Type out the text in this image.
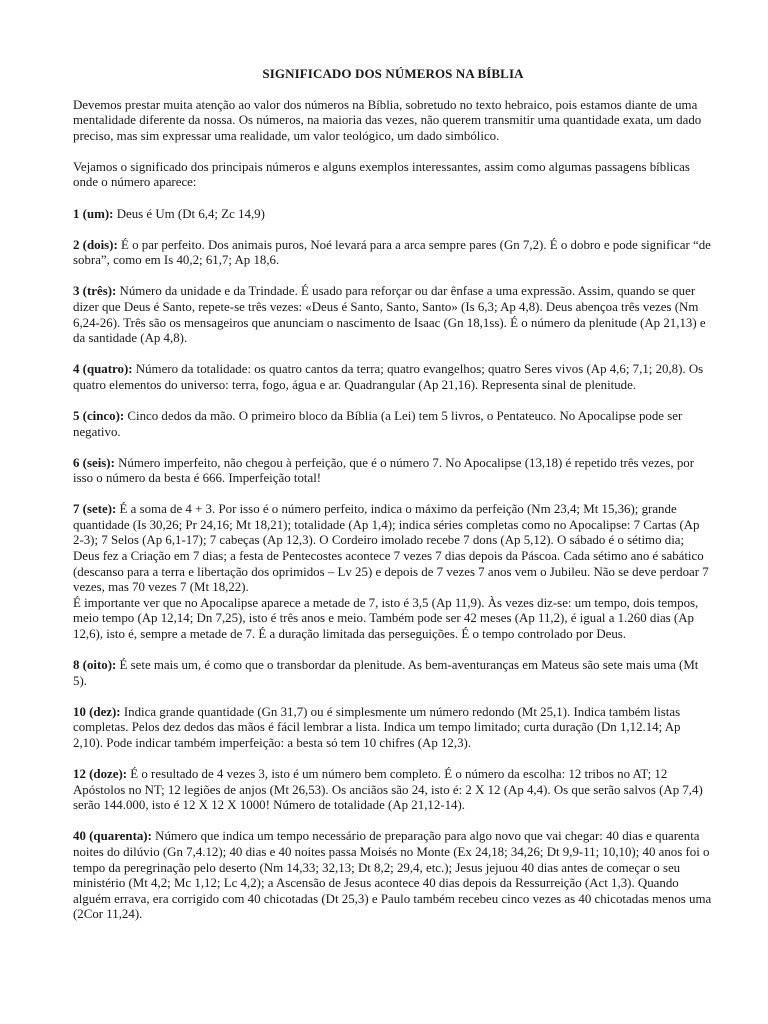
SIGNIFICADO DOS NÚMEROS NA BÍBLIA

Devemos prestar muita atenção ao valor dos números na Bíblia, sobretudo no texto hebraico, pois estamos diante de uma mentalidade diferente da nossa. Os números, na maioria das vezes, não querem transmitir uma quantidade exata, um dado preciso, mas sim expressar uma realidade, um valor teológico, um dado simbólico.

Vejamos o significado dos principais números e alguns exemplos interessantes, assim como algumas passagens bíblicas onde o número aparece:

1 (um): Deus é Um (Dt 6,4; Zc 14,9)

2 (dois): É o par perfeito. Dos animais puros, Noé levará para a arca sempre pares (Gn 7,2). É o dobro e pode significar “de sobra”, como em Is 40,2; 61,7; Ap 18,6.

3 (três): Número da unidade e da Trindade. É usado para reforçar ou dar ênfase a uma expressão. Assim, quando se quer dizer que Deus é Santo, repete-se três vezes: «Deus é Santo, Santo, Santo» (Is 6,3; Ap 4,8). Deus abençoa três vezes (Nm 6,24-26). Três são os mensageiros que anunciam o nascimento de Isaac (Gn 18,1ss). É o número da plenitude (Ap 21,13) e da santidade (Ap 4,8).

4 (quatro): Número da totalidade: os quatro cantos da terra; quatro evangelhos; quatro Seres vivos (Ap 4,6; 7,1; 20,8). Os quatro elementos do universo: terra, fogo, água e ar. Quadrangular (Ap 21,16). Representa sinal de plenitude.

5 (cinco): Cinco dedos da mão. O primeiro bloco da Bíblia (a Lei) tem 5 livros, o Pentateuco. No Apocalipse pode ser negativo.

6 (seis): Número imperfeito, não chegou à perfeição, que é o número 7. No Apocalipse (13,18) é repetido três vezes, por isso o número da besta é 666. Imperfeição total!

7 (sete): É a soma de 4 + 3. Por isso é o número perfeito, indica o máximo da perfeição (Nm 23,4; Mt 15,36); grande quantidade (Is 30,26; Pr 24,16; Mt 18,21); totalidade (Ap 1,4); indica séries completas como no Apocalipse: 7 Cartas (Ap 2-3); 7 Selos (Ap 6,1-17); 7 cabeças (Ap 12,3). O Cordeiro imolado recebe 7 dons (Ap 5,12). O sábado é o sétimo dia; Deus fez a Criação em 7 dias; a festa de Pentecostes acontece 7 vezes 7 dias depois da Páscoa. Cada sétimo ano é sabático (descanso para a terra e libertação dos oprimidos – Lv 25) e depois de 7 vezes 7 anos vem o Jubileu. Não se deve perdoar 7 vezes, mas 70 vezes 7 (Mt 18,22).
É importante ver que no Apocalipse aparece a metade de 7, isto é 3,5 (Ap 11,9). Às vezes diz-se: um tempo, dois tempos, meio tempo (Ap 12,14; Dn 7,25), isto é três anos e meio. Também pode ser 42 meses (Ap 11,2), é igual a 1.260 dias (Ap 12,6), isto é, sempre a metade de 7. É a duração limitada das perseguições. É o tempo controlado por Deus.

8 (oito): É sete mais um, é como que o transbordar da plenitude. As bem-aventuranças em Mateus são sete mais uma (Mt 5).

10 (dez): Indica grande quantidade (Gn 31,7) ou é simplesmente um número redondo (Mt 25,1). Indica também listas completas. Pelos dez dedos das mãos é fácil lembrar a lista. Indica um tempo limitado; curta duração (Dn 1,12.14; Ap 2,10). Pode indicar também imperfeição: a besta só tem 10 chifres (Ap 12,3).

12 (doze): É o resultado de 4 vezes 3, isto é um número bem completo. É o número da escolha: 12 tribos no AT; 12 Apóstolos no NT; 12 legiões de anjos (Mt 26,53). Os anciãos são 24, isto é: 2 X 12 (Ap 4,4). Os que serão salvos (Ap 7,4) serão 144.000, isto é 12 X 12 X 1000! Número de totalidade (Ap 21,12-14).

40 (quarenta): Número que indica um tempo necessário de preparação para algo novo que vai chegar: 40 dias e quarenta noites do dilúvio (Gn 7,4.12); 40 dias e 40 noites passa Moisés no Monte (Ex 24,18; 34,26; Dt 9,9-11; 10,10); 40 anos foi o tempo da peregrinação pelo deserto (Nm 14,33; 32,13; Dt 8,2; 29,4, etc.); Jesus jejuou 40 dias antes de começar o seu ministério (Mt 4,2; Mc 1,12; Lc 4,2); a Ascensão de Jesus acontece 40 dias depois da Ressurreição (Act 1,3). Quando alguém errava, era corrigido com 40 chicotadas (Dt 25,3) e Paulo também recebeu cinco vezes as 40 chicotadas menos uma (2Cor 11,24).
